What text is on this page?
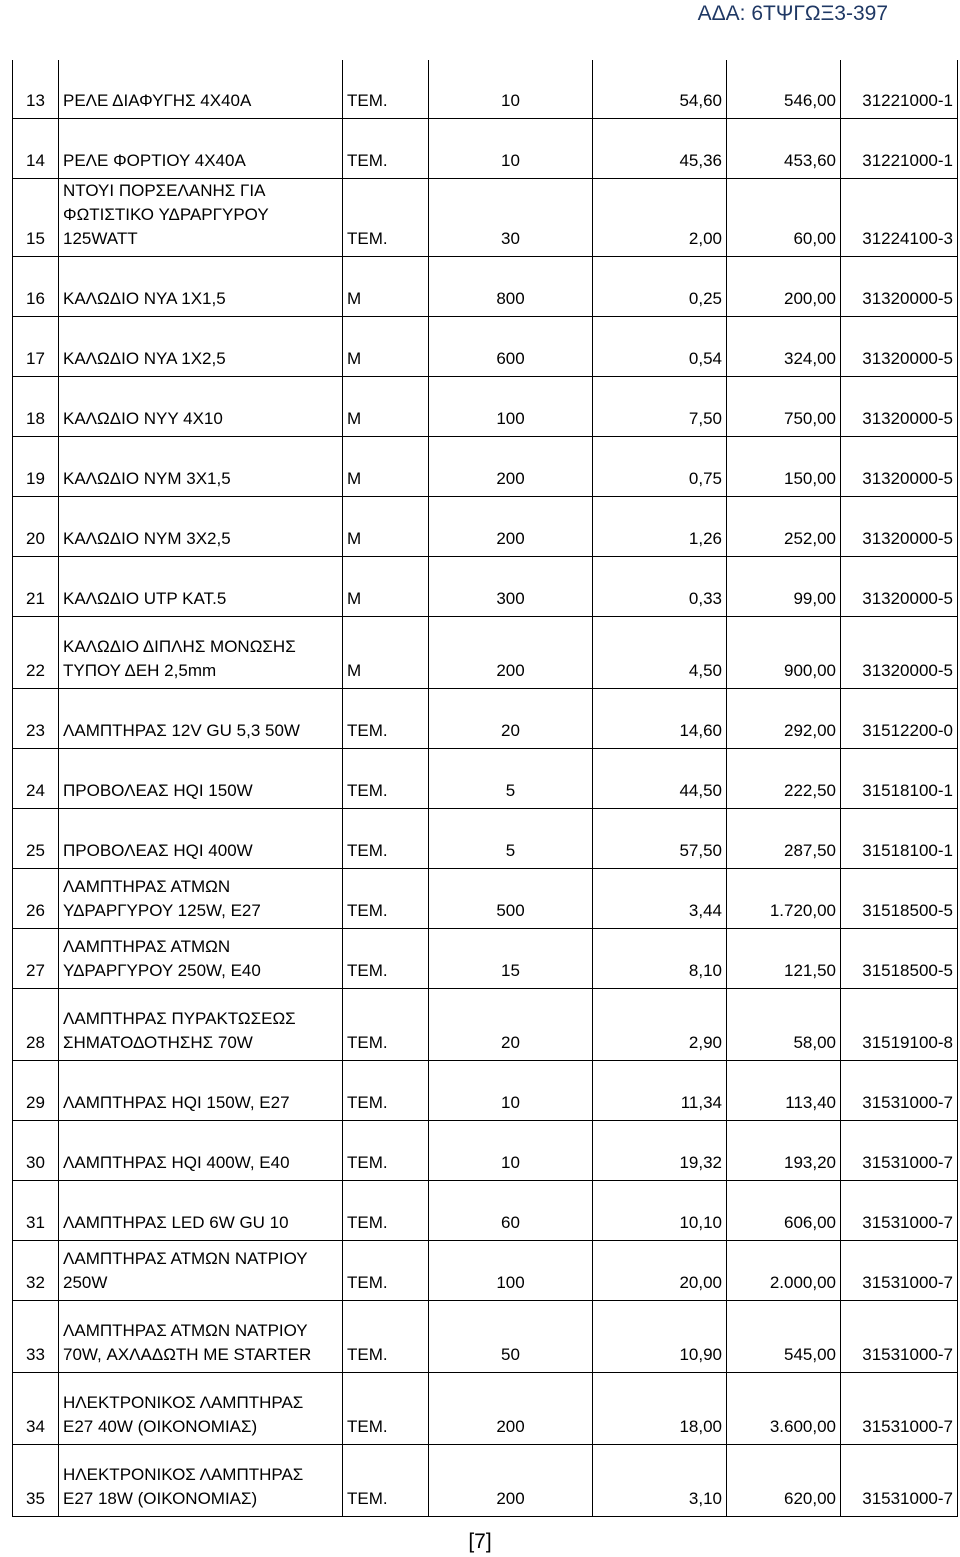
ΑΔΑ: 6ΤΨΓΩΞ3-397
13	ΡΕΛΕ ΔΙΑΦΥΓΗΣ 4Χ40Α	ΤΕΜ.	10	54,60	546,00	31221000-1
14	ΡΕΛΕ ΦΟΡΤΙΟΥ 4Χ40Α	ΤΕΜ.	10	45,36	453,60	31221000-1
15	ΝΤΟΥΙ ΠΟΡΣΕΛΑΝΗΣ ΓΙΑ ΦΩΤΙΣΤΙΚΟ ΥΔΡΑΡΓΥΡΟΥ 125WATT	ΤΕΜ.	30	2,00	60,00	31224100-3
16	ΚΑΛΩΔΙΟ ΝΥΑ 1Χ1,5	Μ	800	0,25	200,00	31320000-5
17	ΚΑΛΩΔΙΟ ΝΥΑ 1Χ2,5	Μ	600	0,54	324,00	31320000-5
18	ΚΑΛΩΔΙΟ ΝΥΥ 4Χ10	Μ	100	7,50	750,00	31320000-5
19	ΚΑΛΩΔΙΟ ΝΥΜ 3Χ1,5	Μ	200	0,75	150,00	31320000-5
20	ΚΑΛΩΔΙΟ ΝΥΜ 3Χ2,5	Μ	200	1,26	252,00	31320000-5
21	ΚΑΛΩΔΙΟ UTP ΚΑΤ.5	Μ	300	0,33	99,00	31320000-5
22	ΚΑΛΩΔΙΟ ΔΙΠΛΗΣ ΜΟΝΩΣΗΣ ΤΥΠΟΥ ΔΕΗ 2,5mm	Μ	200	4,50	900,00	31320000-5
23	ΛΑΜΠΤΗΡΑΣ 12V GU 5,3 50W	ΤΕΜ.	20	14,60	292,00	31512200-0
24	ΠΡΟΒΟΛΕΑΣ HQI 150W	ΤΕΜ.	5	44,50	222,50	31518100-1
25	ΠΡΟΒΟΛΕΑΣ HQI 400W	ΤΕΜ.	5	57,50	287,50	31518100-1
26	ΛΑΜΠΤΗΡΑΣ ΑΤΜΩΝ ΥΔΡΑΡΓΥΡΟΥ 125W, Ε27	ΤΕΜ.	500	3,44	1.720,00	31518500-5
27	ΛΑΜΠΤΗΡΑΣ ΑΤΜΩΝ ΥΔΡΑΡΓΥΡΟΥ 250W, Ε40	ΤΕΜ.	15	8,10	121,50	31518500-5
28	ΛΑΜΠΤΗΡΑΣ ΠΥΡΑΚΤΩΣΕΩΣ ΣΗΜΑΤΟΔΟΤΗΣΗΣ 70W	ΤΕΜ.	20	2,90	58,00	31519100-8
29	ΛΑΜΠΤΗΡΑΣ HQI 150W, Ε27	ΤΕΜ.	10	11,34	113,40	31531000-7
30	ΛΑΜΠΤΗΡΑΣ HQI 400W, Ε40	ΤΕΜ.	10	19,32	193,20	31531000-7
31	ΛΑΜΠΤΗΡΑΣ LED 6W GU 10	ΤΕΜ.	60	10,10	606,00	31531000-7
32	ΛΑΜΠΤΗΡΑΣ ΑΤΜΩΝ ΝΑΤΡΙΟΥ 250W	ΤΕΜ.	100	20,00	2.000,00	31531000-7
33	ΛΑΜΠΤΗΡΑΣ ΑΤΜΩΝ ΝΑΤΡΙΟΥ 70W, ΑΧΛΑΔΩΤΗ ΜΕ STARTER	ΤΕΜ.	50	10,90	545,00	31531000-7
34	ΗΛΕΚΤΡΟΝΙΚΟΣ ΛΑΜΠΤΗΡΑΣ Ε27 40W (ΟΙΚΟΝΟΜΙΑΣ)	ΤΕΜ.	200	18,00	3.600,00	31531000-7
35	ΗΛΕΚΤΡΟΝΙΚΟΣ ΛΑΜΠΤΗΡΑΣ Ε27 18W (ΟΙΚΟΝΟΜΙΑΣ)	ΤΕΜ.	200	3,10	620,00	31531000-7
[7]
